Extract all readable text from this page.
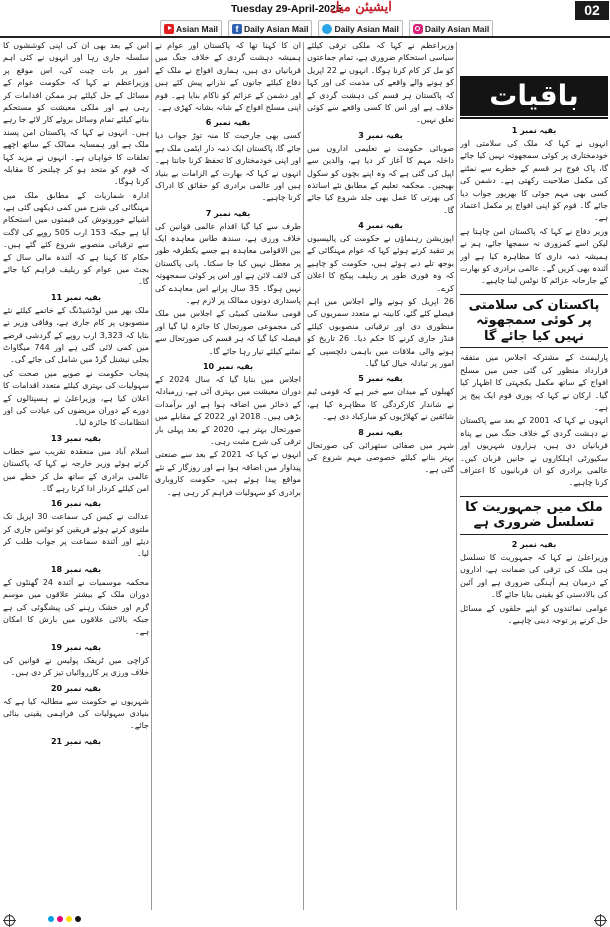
Tuesday 29-April-2025
ایشیئن میل	02
Asian Mail	f Daily Asian Mail	Daily Asian Mail	Daily Asian Mail

اس کے بعد بھی ان کی اپنی کوششوں کا سلسلہ جاری رہا اور انہوں نے کئی اہم امور پر بات چیت کی، اس موقع پر وزیراعظم نے کہا کہ حکومت عوام کے مسائل کے حل کیلئے ہر ممکن اقدامات کر رہی ہے اور ملکی معیشت کو مستحکم بنانے کیلئے تمام وسائل بروئے کار لائے جا رہے ہیں۔ انہوں نے کہا کہ پاکستان امن پسند ملک ہے اور ہمسایہ ممالک کے ساتھ اچھے تعلقات کا خواہاں ہے۔ انہوں نے مزید کہا کہ قوم کو متحد ہو کر چیلنجز کا مقابلہ کرنا ہوگا۔

ادارہ شماریات کے مطابق ملک میں مہنگائی کی شرح میں کمی دیکھی گئی ہے، اشیائے خورونوش کی قیمتوں میں استحکام آیا ہے جبکہ 153 ارب 505 روپے کی لاگت سے ترقیاتی منصوبے شروع کئے گئے ہیں۔ حکام کا کہنا ہے کہ آئندہ مالی سال کے بجٹ میں عوام کو ریلیف فراہم کیا جائے گا۔

بقیہ نمبر 11

ملک بھر میں لوڈشیڈنگ کے خاتمے کیلئے نئے منصوبوں پر کام جاری ہے، وفاقی وزیر نے بتایا کہ 3,323 ارب روپے کے گردشی قرضے میں کمی لائی گئی ہے اور 744 میگاواٹ بجلی نیشنل گرڈ میں شامل کی جائے گی۔

پنجاب حکومت نے صوبے میں صحت کی سہولیات کی بہتری کیلئے متعدد اقدامات کا اعلان کیا ہے، وزیراعلیٰ نے ہسپتالوں کے دورے کے دوران مریضوں کی عیادت کی اور انتظامات کا جائزہ لیا۔

بقیہ نمبر 13

اسلام آباد میں منعقدہ تقریب سے خطاب کرتے ہوئے وزیر خارجہ نے کہا کہ پاکستان عالمی برادری کے ساتھ مل کر خطے میں امن کیلئے کردار ادا کرتا رہے گا۔

بقیہ نمبر 16

عدالت نے کیس کی سماعت 30 اپریل تک ملتوی کرتے ہوئے فریقین کو نوٹس جاری کر دیئے اور آئندہ سماعت پر جواب طلب کر لیا۔

بقیہ نمبر 18

محکمہ موسمیات نے آئندہ 24 گھنٹوں کے دوران ملک کے بیشتر علاقوں میں موسم گرم اور خشک رہنے کی پیشگوئی کی ہے جبکہ بالائی علاقوں میں بارش کا امکان ہے۔

بقیہ نمبر 19

کراچی میں ٹریفک پولیس نے قوانین کی خلاف ورزی پر کارروائیاں تیز کر دی ہیں۔

بقیہ نمبر 20

شہریوں نے حکومت سے مطالبہ کیا ہے کہ بنیادی سہولیات کی فراہمی یقینی بنائی جائے۔

بقیہ نمبر 21

ان کا کہنا تھا کہ پاکستان اور عوام نے ہمیشہ دہشت گردی کے خلاف جنگ میں قربانیاں دی ہیں، ہماری افواج نے ملک کے دفاع کیلئے جانوں کے نذرانے پیش کئے ہیں اور دشمن کے عزائم کو ناکام بنایا ہے۔ قوم اپنی مسلح افواج کے شانہ بشانہ کھڑی ہے۔

بقیہ نمبر 6

کسی بھی جارحیت کا منہ توڑ جواب دیا جائے گا، پاکستان ایک ذمہ دار ایٹمی ملک ہے اور اپنی خودمختاری کا تحفظ کرنا جانتا ہے۔ انہوں نے کہا کہ بھارت کے الزامات بے بنیاد ہیں اور عالمی برادری کو حقائق کا ادراک کرنا چاہیے۔

بقیہ نمبر 7

طرف سے کیا گیا اقدام عالمی قوانین کی خلاف ورزی ہے، سندھ طاس معاہدہ ایک بین الاقوامی معاہدہ ہے جسے یکطرفہ طور پر معطل نہیں کیا جا سکتا۔ پانی پاکستان کی لائف لائن ہے اور اس پر کوئی سمجھوتہ نہیں ہوگا۔ 35 سال پرانے اس معاہدے کی پاسداری دونوں ممالک پر لازم ہے۔

قومی سلامتی کمیٹی کے اجلاس میں ملک کی مجموعی صورتحال کا جائزہ لیا گیا اور فیصلہ کیا گیا کہ ہر قسم کی صورتحال سے نمٹنے کیلئے تیار رہا جائے گا۔

بقیہ نمبر 10

اجلاس میں بتایا گیا کہ سال 2024 کے دوران معیشت میں بہتری آئی ہے، زرمبادلہ کے ذخائر میں اضافہ ہوا ہے اور برآمدات بڑھی ہیں۔ 2018 اور 2022 کے مقابلے میں صورتحال بہتر ہے، 2020 کے بعد پہلی بار ترقی کی شرح مثبت رہی۔

انہوں نے کہا کہ 2021 کے بعد سے صنعتی پیداوار میں اضافہ ہوا ہے اور روزگار کے نئے مواقع پیدا ہوئے ہیں، حکومت کاروباری برادری کو سہولیات فراہم کر رہی ہے۔

وزیراعظم نے کہا کہ ملکی ترقی کیلئے سیاسی استحکام ضروری ہے، تمام جماعتوں کو مل کر کام کرنا ہوگا۔ انہوں نے 22 اپریل کو ہونے والے واقعے کی مذمت کی اور کہا کہ پاکستان ہر قسم کی دہشت گردی کے خلاف ہے اور اس کا کسی واقعے سے کوئی تعلق نہیں۔

بقیہ نمبر 3

صوبائی حکومت نے تعلیمی اداروں میں داخلہ مہم کا آغاز کر دیا ہے، والدین سے اپیل کی گئی ہے کہ وہ اپنے بچوں کو سکول بھیجیں۔ محکمہ تعلیم کے مطابق نئے اساتذہ کی بھرتی کا عمل بھی جلد شروع کیا جائے گا۔

بقیہ نمبر 4

اپوزیشن رہنماؤں نے حکومت کی پالیسیوں پر تنقید کرتے ہوئے کہا کہ عوام مہنگائی کے بوجھ تلے دبے ہوئے ہیں، حکومت کو چاہیے کہ وہ فوری طور پر ریلیف پیکج کا اعلان کرے۔

26 اپریل کو ہونے والے اجلاس میں اہم فیصلے کئے گئے، کابینہ نے متعدد سمریوں کی منظوری دی اور ترقیاتی منصوبوں کیلئے فنڈز جاری کرنے کا حکم دیا۔ 26 تاریخ کو ہونے والی ملاقات میں باہمی دلچسپی کے امور پر تبادلہ خیال کیا گیا۔

بقیہ نمبر 5

کھیلوں کے میدان سے خبر ہے کہ قومی ٹیم نے شاندار کارکردگی کا مظاہرہ کیا ہے، شائقین نے کھلاڑیوں کو مبارکباد دی ہے۔

بقیہ نمبر 8

شہر میں صفائی ستھرائی کی صورتحال بہتر بنانے کیلئے خصوصی مہم شروع کی گئی ہے۔

باقیات
بقیہ نمبر 1

انہوں نے کہا کہ ملک کی سلامتی اور خودمختاری پر کوئی سمجھوتہ نہیں کیا جائے گا، پاک فوج ہر قسم کے خطرے سے نمٹنے کی مکمل صلاحیت رکھتی ہے۔ دشمن کی کسی بھی مہم جوئی کا بھرپور جواب دیا جائے گا۔ قوم کو اپنی افواج پر مکمل اعتماد ہے۔

وزیر دفاع نے کہا کہ پاکستان امن چاہتا ہے لیکن اسے کمزوری نہ سمجھا جائے، ہم نے ہمیشہ ذمہ داری کا مظاہرہ کیا ہے اور آئندہ بھی کریں گے۔ عالمی برادری کو بھارت کے جارحانہ عزائم کا نوٹس لینا چاہیے۔

پاکستان کی سلامتی پر کوئی سمجھوتہ نہیں کیا جائے گا

پارلیمنٹ کے مشترکہ اجلاس میں متفقہ قرارداد منظور کی گئی جس میں مسلح افواج کے ساتھ مکمل یکجہتی کا اظہار کیا گیا۔ ارکان نے کہا کہ پوری قوم ایک پیج پر ہے۔

انہوں نے کہا کہ 2001 کے بعد سے پاکستان نے دہشت گردی کے خلاف جنگ میں بے پناہ قربانیاں دی ہیں، ہزاروں شہریوں اور سکیورٹی اہلکاروں نے جانیں قربان کیں۔ عالمی برادری کو ان قربانیوں کا اعتراف کرنا چاہیے۔

ملک میں جمہوریت کا تسلسل ضروری ہے
بقیہ نمبر 2

وزیراعلیٰ نے کہا کہ جمہوریت کا تسلسل ہی ملک کی ترقی کی ضمانت ہے، اداروں کے درمیان ہم آہنگی ضروری ہے اور آئین کی بالادستی کو یقینی بنایا جائے گا۔

عوامی نمائندوں کو اپنے حلقوں کے مسائل حل کرنے پر توجہ دینی چاہیے۔
